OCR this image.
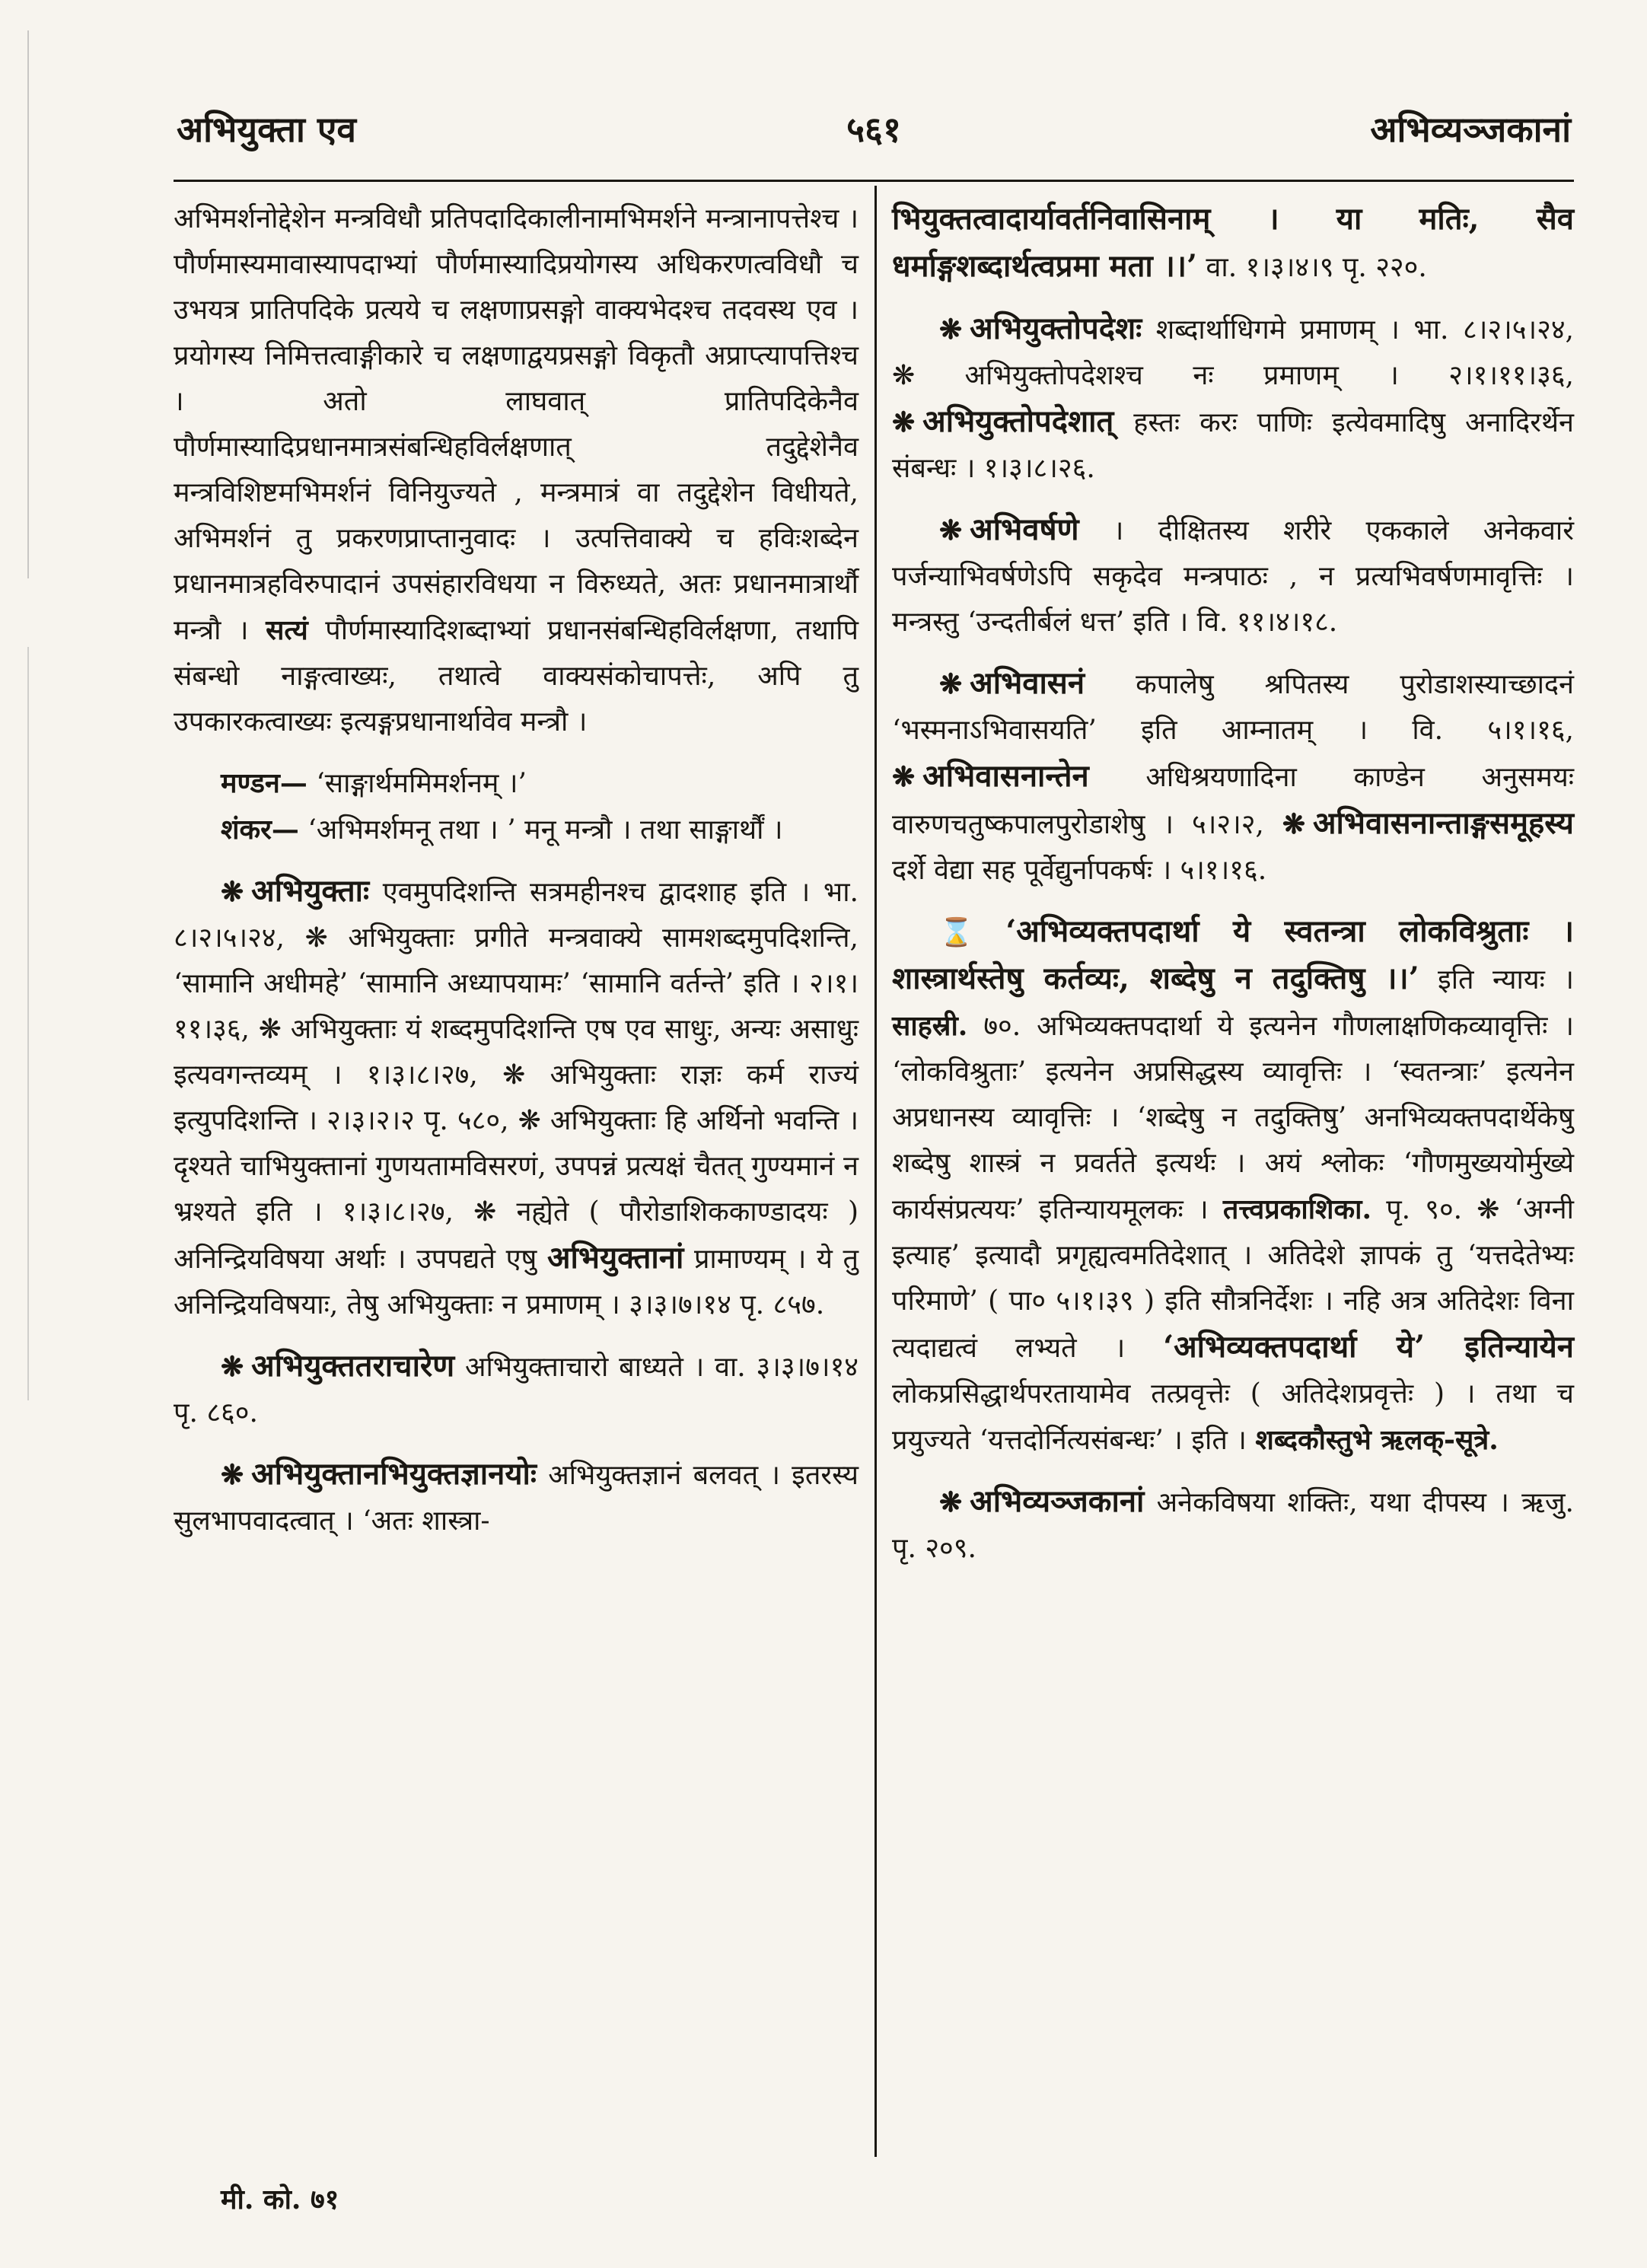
अभियुक्ता एव	५६१	अभिव्यञ्जकानां

अभिमर्शनोद्देशेन मन्त्रविधौ प्रतिपदादिकालीनामभिमर्शने मन्त्रानापत्तेश्च । पौर्णमास्यमावास्यापदाभ्यां पौर्णमास्यादिप्रयोगस्य अधिकरणत्वविधौ च उभयत्र प्रातिपदिके प्रत्यये च लक्षणाप्रसङ्गो वाक्यभेदश्च तदवस्थ एव । प्रयोगस्य निमित्तत्वाङ्गीकारे च लक्षणाद्वयप्रसङ्गो विकृतौ अप्राप्त्यापत्तिश्च । अतो लाघवात् प्रातिपदिकेनैव पौर्णमास्यादिप्रधानमात्रसंबन्धिहविर्लक्षणात् तदुद्देशेनैव मन्त्रविशिष्टमभिमर्शनं विनियुज्यते , मन्त्रमात्रं वा तदुद्देशेन विधीयते, अभिमर्शनं तु प्रकरणप्राप्तानुवादः । उत्पत्तिवाक्ये च हविःशब्देन प्रधानमात्रहविरुपादानं उपसंहारविधया न विरुध्यते, अतः प्रधानमात्रार्थौ मन्त्रौ । सत्यं पौर्णमास्यादिशब्दाभ्यां प्रधानसंबन्धिहविर्लक्षणा, तथापि संबन्धो नाङ्गत्वाख्यः, तथात्वे वाक्यसंकोचापत्तेः, अपि तु उपकारकत्वाख्यः इत्यङ्गप्रधानार्थावेव मन्त्रौ ।

मण्डन— ‘साङ्गार्थममिमर्शनम् ।’

शंकर— ‘अभिमर्शमनू तथा । ’ मनू मन्त्रौ । तथा साङ्गार्थौं ।

❋ अभियुक्ताः एवमुपदिशन्ति सत्रमहीनश्च द्वादशाह इति । भा. ८।२।५।२४, ❋ अभियुक्ताः प्रगीते मन्त्रवाक्ये सामशब्दमुपदिशन्ति, ‘सामानि अधीमहे’ ‘सामानि अध्यापयामः’ ‘सामानि वर्तन्ते’ इति । २।१।११।३६, ❋ अभियुक्ताः यं शब्दमुपदिशन्ति एष एव साधुः, अन्यः असाधुः इत्यवगन्तव्यम् । १।३।८।२७, ❋ अभियुक्ताः राज्ञः कर्म राज्यं इत्युपदिशन्ति । २।३।२।२ पृ. ५८०, ❋ अभियुक्ताः हि अर्थिनो भवन्ति । दृश्यते चाभियुक्तानां गुणयतामविसरणं, उपपन्नं प्रत्यक्षं चैतत् गुण्यमानं न भ्रश्यते इति । १।३।८।२७, ❋ नह्येते ( पौरोडाशिककाण्डादयः ) अनिन्द्रियविषया अर्थाः । उपपद्यते एषु अभियुक्तानां प्रामाण्यम् । ये तु अनिन्द्रियविषयाः, तेषु अभियुक्ताः न प्रमाणम् । ३।३।७।१४ पृ. ८५७.

❋ अभियुक्ततराचारेण अभियुक्ताचारो बाध्यते । वा. ३।३।७।१४ पृ. ८६०.

❋ अभियुक्तानभियुक्तज्ञानयोः अभियुक्तज्ञानं बलवत् । इतरस्य सुलभापवादत्वात् । ‘अतः शास्त्रा-

भियुक्तत्वादार्यावर्तनिवासिनाम् । या मतिः, सैव धर्माङ्गशब्दार्थत्वप्रमा मता ।।’ वा. १।३।४।९ पृ. २२०.

❋ अभियुक्तोपदेशः शब्दार्थाधिगमे प्रमाणम् । भा. ८।२।५।२४, ❋ अभियुक्तोपदेशश्च नः प्रमाणम् । २।१।११।३६, ❋ अभियुक्तोपदेशात् हस्तः करः पाणिः इत्येवमादिषु अनादिरर्थेन संबन्धः । १।३।८।२६.

❋ अभिवर्षणे । दीक्षितस्य शरीरे एककाले अनेकवारं पर्जन्याभिवर्षणेऽपि सकृदेव मन्त्रपाठः , न प्रत्यभिवर्षणमावृत्तिः । मन्त्रस्तु ‘उन्दतीर्बलं धत्त’ इति । वि. ११।४।१८.

❋ अभिवासनं कपालेषु श्रपितस्य पुरोडाशस्याच्छादनं ‘भस्मनाऽभिवासयति’ इति आम्नातम् । वि. ५।१।१६, ❋ अभिवासनान्तेन अधिश्रयणादिना काण्डेन अनुसमयः वारुणचतुष्कपालपुरोडाशेषु । ५।२।२, ❋ अभिवासनान्ताङ्गसमूहस्य दर्शे वेद्या सह पूर्वेद्युर्नापकर्षः । ५।१।१६.

⌛ ‘अभिव्यक्तपदार्था ये स्वतन्त्रा लोकविश्रुताः । शास्त्रार्थस्तेषु कर्तव्यः, शब्देषु न तदुक्तिषु ।।’ इति न्यायः । साहस्री. ७०. अभिव्यक्तपदार्था ये इत्यनेन गौणलाक्षणिकव्यावृत्तिः । ‘लोकविश्रुताः’ इत्यनेन अप्रसिद्धस्य व्यावृत्तिः । ‘स्वतन्त्राः’ इत्यनेन अप्रधानस्य व्यावृत्तिः । ‘शब्देषु न तदुक्तिषु’ अनभिव्यक्तपदार्थेकेषु शब्देषु शास्त्रं न प्रवर्तते इत्यर्थः । अयं श्लोकः ‘गौणमुख्ययोर्मुख्ये कार्यसंप्रत्ययः’ इतिन्यायमूलकः । तत्त्वप्रकाशिका. पृ. ९०. ❋ ‘अग्नी इत्याह’ इत्यादौ प्रगृह्यत्वमतिदेशात् । अतिदेशे ज्ञापकं तु ‘यत्तदेतेभ्यः परिमाणे’ ( पा० ५।१।३९ ) इति सौत्रनिर्देशः । नहि अत्र अतिदेशः विना त्यदाद्यत्वं लभ्यते । ‘अभिव्यक्तपदार्था ये’ इतिन्यायेन लोकप्रसिद्धार्थपरतायामेव तत्प्रवृत्तेः ( अतिदेशप्रवृत्तेः ) । तथा च प्रयुज्यते ‘यत्तदोर्नित्यसंबन्धः’ । इति । शब्दकौस्तुभे ऋलक्-सूत्रे.

❋ अभिव्यञ्जकानां अनेकविषया शक्तिः, यथा दीपस्य । ऋजु. पृ. २०९.

मी. को. ७१
